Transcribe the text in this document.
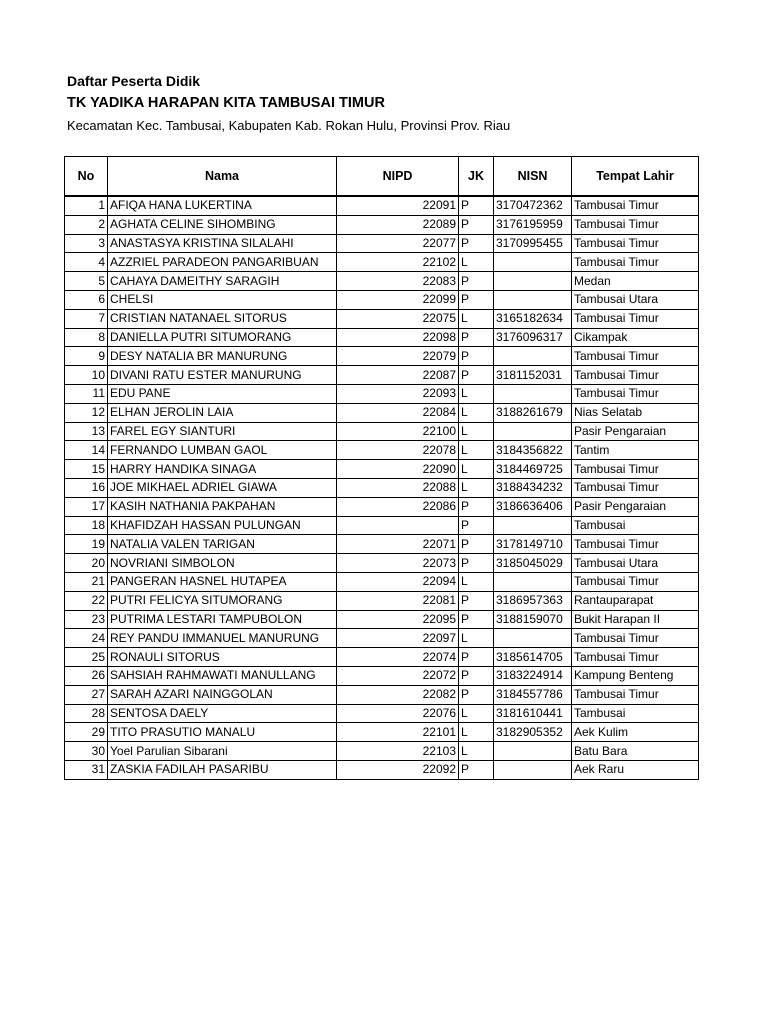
Daftar Peserta Didik
TK YADIKA HARAPAN KITA TAMBUSAI TIMUR
Kecamatan Kec. Tambusai, Kabupaten Kab. Rokan Hulu, Provinsi Prov. Riau
No	Nama	NIPD	JK	NISN	Tempat Lahir
1	AFIQA HANA LUKERTINA	22091	P	3170472362	Tambusai Timur
2	AGHATA CELINE SIHOMBING	22089	P	3176195959	Tambusai Timur
3	ANASTASYA KRISTINA SILALAHI	22077	P	3170995455	Tambusai Timur
4	AZZRIEL PARADEON PANGARIBUAN	22102	L		Tambusai Timur
5	CAHAYA DAMEITHY SARAGIH	22083	P		Medan
6	CHELSI	22099	P		Tambusai Utara
7	CRISTIAN NATANAEL SITORUS	22075	L	3165182634	Tambusai Timur
8	DANIELLA PUTRI SITUMORANG	22098	P	3176096317	Cikampak
9	DESY NATALIA BR MANURUNG	22079	P		Tambusai Timur
10	DIVANI RATU ESTER MANURUNG	22087	P	3181152031	Tambusai Timur
11	EDU PANE	22093	L		Tambusai Timur
12	ELHAN JEROLIN LAIA	22084	L	3188261679	Nias Selatab
13	FAREL EGY SIANTURI	22100	L		Pasir Pengaraian
14	FERNANDO LUMBAN GAOL	22078	L	3184356822	Tantim
15	HARRY HANDIKA SINAGA	22090	L	3184469725	Tambusai Timur
16	JOE MIKHAEL ADRIEL GIAWA	22088	L	3188434232	Tambusai Timur
17	KASIH NATHANIA PAKPAHAN	22086	P	3186636406	Pasir Pengaraian
18	KHAFIDZAH HASSAN PULUNGAN		P		Tambusai
19	NATALIA VALEN TARIGAN	22071	P	3178149710	Tambusai Timur
20	NOVRIANI SIMBOLON	22073	P	3185045029	Tambusai Utara
21	PANGERAN HASNEL HUTAPEA	22094	L		Tambusai Timur
22	PUTRI FELICYA SITUMORANG	22081	P	3186957363	Rantauparapat
23	PUTRIMA LESTARI TAMPUBOLON	22095	P	3188159070	Bukit Harapan II
24	REY PANDU IMMANUEL MANURUNG	22097	L		Tambusai Timur
25	RONAULI SITORUS	22074	P	3185614705	Tambusai Timur
26	SAHSIAH RAHMAWATI MANULLANG	22072	P	3183224914	Kampung Benteng
27	SARAH AZARI NAINGGOLAN	22082	P	3184557786	Tambusai Timur
28	SENTOSA DAELY	22076	L	3181610441	Tambusai
29	TITO PRASUTIO MANALU	22101	L	3182905352	Aek Kulim
30	Yoel Parulian Sibarani	22103	L		Batu Bara
31	ZASKIA FADILAH PASARIBU	22092	P		Aek Raru
